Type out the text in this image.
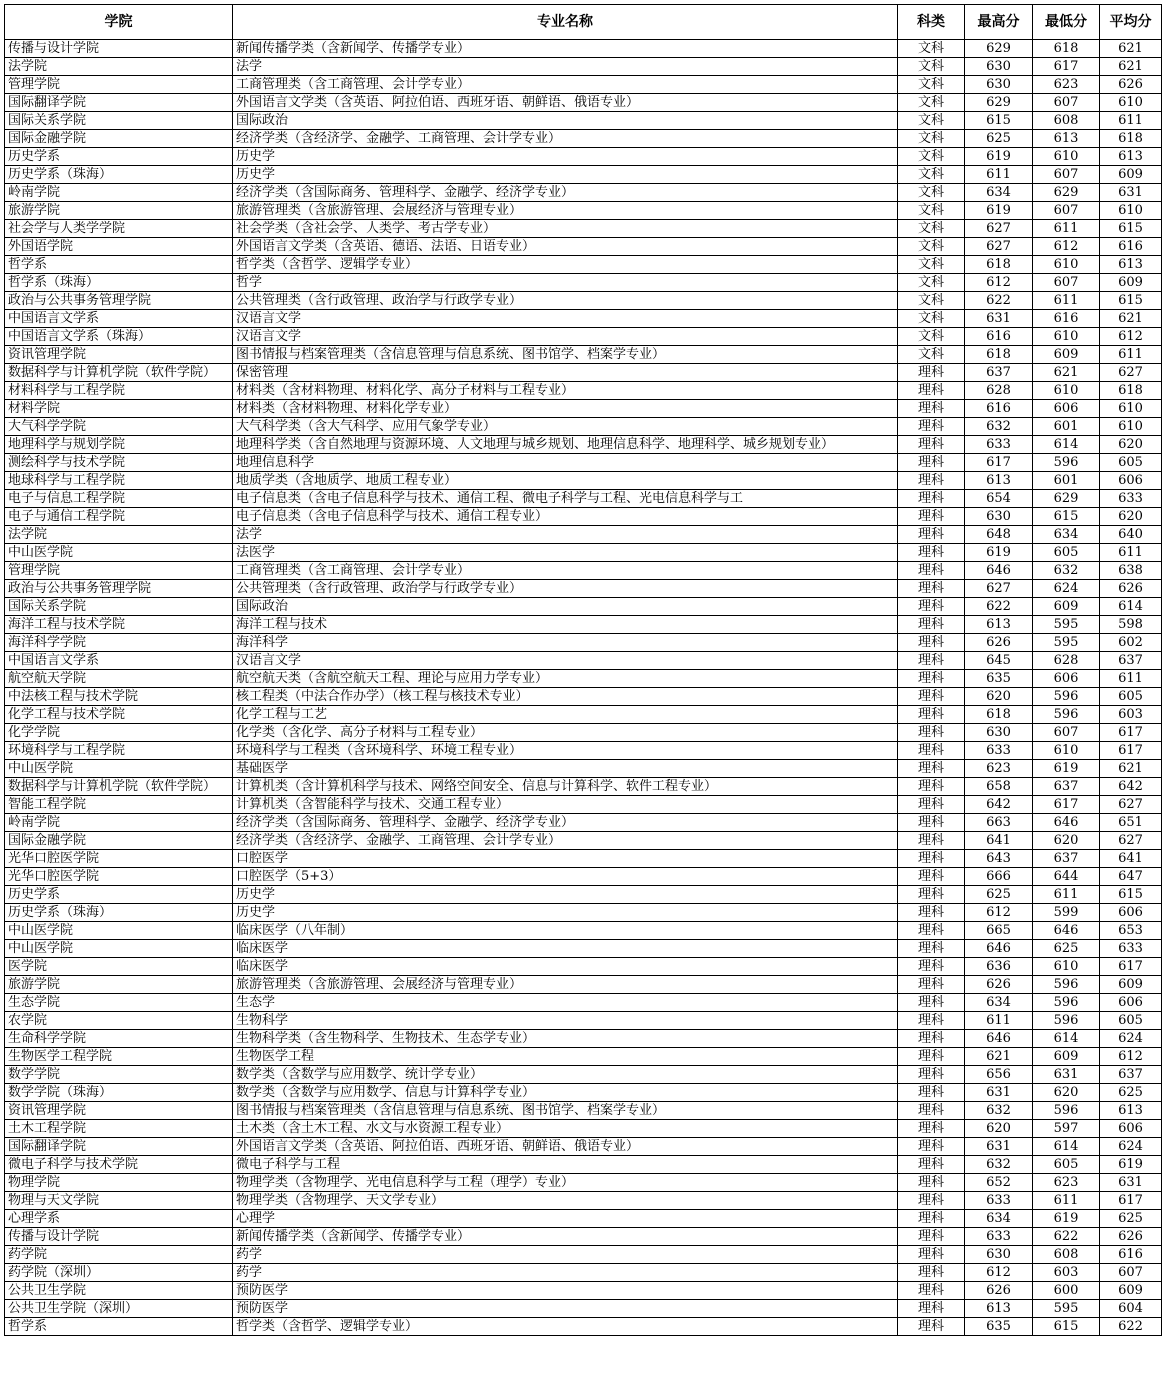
学院	专业名称	科类	最高分	最低分	平均分
传播与设计学院	新闻传播学类（含新闻学、传播学专业）	文科	629	618	621
法学院	法学	文科	630	617	621
管理学院	工商管理类（含工商管理、会计学专业）	文科	630	623	626
国际翻译学院	外国语言文学类（含英语、阿拉伯语、西班牙语、朝鲜语、俄语专业）	文科	629	607	610
国际关系学院	国际政治	文科	615	608	611
国际金融学院	经济学类（含经济学、金融学、工商管理、会计学专业）	文科	625	613	618
历史学系	历史学	文科	619	610	613
历史学系（珠海）	历史学	文科	611	607	609
岭南学院	经济学类（含国际商务、管理科学、金融学、经济学专业）	文科	634	629	631
旅游学院	旅游管理类（含旅游管理、会展经济与管理专业）	文科	619	607	610
社会学与人类学学院	社会学类（含社会学、人类学、考古学专业）	文科	627	611	615
外国语学院	外国语言文学类（含英语、德语、法语、日语专业）	文科	627	612	616
哲学系	哲学类（含哲学、逻辑学专业）	文科	618	610	613
哲学系（珠海）	哲学	文科	612	607	609
政治与公共事务管理学院	公共管理类（含行政管理、政治学与行政学专业）	文科	622	611	615
中国语言文学系	汉语言文学	文科	631	616	621
中国语言文学系（珠海）	汉语言文学	文科	616	610	612
资讯管理学院	图书情报与档案管理类（含信息管理与信息系统、图书馆学、档案学专业）	文科	618	609	611
数据科学与计算机学院（软件学院）	保密管理	理科	637	621	627
材料科学与工程学院	材料类（含材料物理、材料化学、高分子材料与工程专业）	理科	628	610	618
材料学院	材料类（含材料物理、材料化学专业）	理科	616	606	610
大气科学学院	大气科学类（含大气科学、应用气象学专业）	理科	632	601	610
地理科学与规划学院	地理科学类（含自然地理与资源环境、人文地理与城乡规划、地理信息科学、地理科学、城乡规划专业）	理科	633	614	620
测绘科学与技术学院	地理信息科学	理科	617	596	605
地球科学与工程学院	地质学类（含地质学、地质工程专业）	理科	613	601	606
电子与信息工程学院	电子信息类（含电子信息科学与技术、通信工程、微电子科学与工程、光电信息科学与工	理科	654	629	633
电子与通信工程学院	电子信息类（含电子信息科学与技术、通信工程专业）	理科	630	615	620
法学院	法学	理科	648	634	640
中山医学院	法医学	理科	619	605	611
管理学院	工商管理类（含工商管理、会计学专业）	理科	646	632	638
政治与公共事务管理学院	公共管理类（含行政管理、政治学与行政学专业）	理科	627	624	626
国际关系学院	国际政治	理科	622	609	614
海洋工程与技术学院	海洋工程与技术	理科	613	595	598
海洋科学学院	海洋科学	理科	626	595	602
中国语言文学系	汉语言文学	理科	645	628	637
航空航天学院	航空航天类（含航空航天工程、理论与应用力学专业）	理科	635	606	611
中法核工程与技术学院	核工程类（中法合作办学）（核工程与核技术专业）	理科	620	596	605
化学工程与技术学院	化学工程与工艺	理科	618	596	603
化学学院	化学类（含化学、高分子材料与工程专业）	理科	630	607	617
环境科学与工程学院	环境科学与工程类（含环境科学、环境工程专业）	理科	633	610	617
中山医学院	基础医学	理科	623	619	621
数据科学与计算机学院（软件学院）	计算机类（含计算机科学与技术、网络空间安全、信息与计算科学、软件工程专业）	理科	658	637	642
智能工程学院	计算机类（含智能科学与技术、交通工程专业）	理科	642	617	627
岭南学院	经济学类（含国际商务、管理科学、金融学、经济学专业）	理科	663	646	651
国际金融学院	经济学类（含经济学、金融学、工商管理、会计学专业）	理科	641	620	627
光华口腔医学院	口腔医学	理科	643	637	641
光华口腔医学院	口腔医学（5+3）	理科	666	644	647
历史学系	历史学	理科	625	611	615
历史学系（珠海）	历史学	理科	612	599	606
中山医学院	临床医学（八年制）	理科	665	646	653
中山医学院	临床医学	理科	646	625	633
医学院	临床医学	理科	636	610	617
旅游学院	旅游管理类（含旅游管理、会展经济与管理专业）	理科	626	596	609
生态学院	生态学	理科	634	596	606
农学院	生物科学	理科	611	596	605
生命科学学院	生物科学类（含生物科学、生物技术、生态学专业）	理科	646	614	624
生物医学工程学院	生物医学工程	理科	621	609	612
数学学院	数学类（含数学与应用数学、统计学专业）	理科	656	631	637
数学学院（珠海）	数学类（含数学与应用数学、信息与计算科学专业）	理科	631	620	625
资讯管理学院	图书情报与档案管理类（含信息管理与信息系统、图书馆学、档案学专业）	理科	632	596	613
土木工程学院	土木类（含土木工程、水文与水资源工程专业）	理科	620	597	606
国际翻译学院	外国语言文学类（含英语、阿拉伯语、西班牙语、朝鲜语、俄语专业）	理科	631	614	624
微电子科学与技术学院	微电子科学与工程	理科	632	605	619
物理学院	物理学类（含物理学、光电信息科学与工程（理学）专业）	理科	652	623	631
物理与天文学院	物理学类（含物理学、天文学专业）	理科	633	611	617
心理学系	心理学	理科	634	619	625
传播与设计学院	新闻传播学类（含新闻学、传播学专业）	理科	633	622	626
药学院	药学	理科	630	608	616
药学院（深圳）	药学	理科	612	603	607
公共卫生学院	预防医学	理科	626	600	609
公共卫生学院（深圳）	预防医学	理科	613	595	604
哲学系	哲学类（含哲学、逻辑学专业）	理科	635	615	622
